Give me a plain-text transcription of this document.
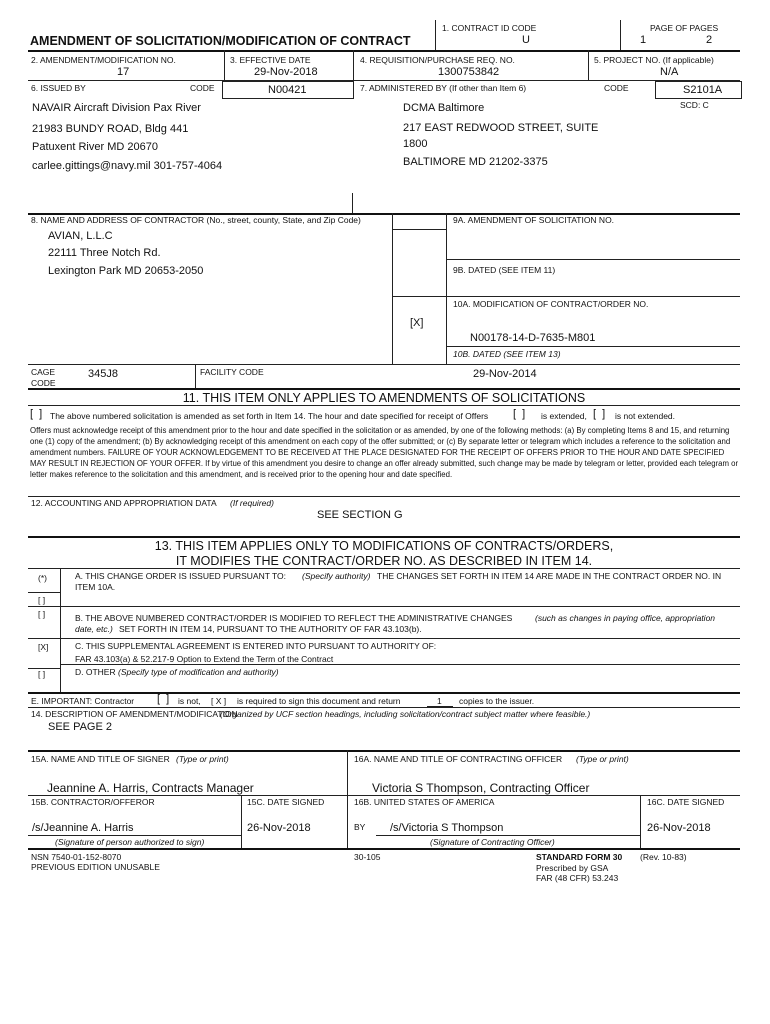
AMENDMENT OF SOLICITATION/MODIFICATION OF CONTRACT
1. CONTRACT ID CODE
U
PAGE OF PAGES
1	2
2. AMENDMENT/MODIFICATION NO.
17
3. EFFECTIVE DATE
29-Nov-2018
4. REQUISITION/PURCHASE REQ. NO.
1300753842
5. PROJECT NO. (If applicable)
N/A
6. ISSUED BY	CODE	N00421	7. ADMINISTERED BY (If other than Item 6)	CODE	S2101A
SCD: C
NAVAIR Aircraft Division Pax River
21983 BUNDY ROAD, Bldg 441
Patuxent River MD 20670
carlee.gittings@navy.mil 301-757-4064
DCMA Baltimore
217 EAST REDWOOD STREET, SUITE
1800
BALTIMORE MD 21202-3375
8. NAME AND ADDRESS OF CONTRACTOR (No., street, county, State, and Zip Code)
AVIAN, L.L.C
22111 Three Notch Rd.
Lexington Park MD 20653-2050
9A. AMENDMENT OF SOLICITATION NO.
9B. DATED (SEE ITEM 11)
10A. MODIFICATION OF CONTRACT/ORDER NO.
[X]
N00178-14-D-7635-M801
10B. DATED (SEE ITEM 13)
CAGE
CODE
345J8	FACILITY CODE	29-Nov-2014
11. THIS ITEM ONLY APPLIES TO AMENDMENTS OF SOLICITATIONS
[  ] The above numbered solicitation is amended as set forth in Item 14. The hour and date specified for receipt of Offers [  ] is extended, [  ] is not extended.
Offers must acknowledge receipt of this amendment prior to the hour and date specified in the solicitation or as amended, by one of the following methods: (a) By completing Items 8 and 15, and returning one (1) copy of the amendment; (b) By acknowledging receipt of this amendment on each copy of the offer submitted; or (c) By separate letter or telegram which includes a reference to the solicitation and amendment numbers. FAILURE OF YOUR ACKNOWLEDGEMENT TO BE RECEIVED AT THE PLACE DESIGNATED FOR THE RECEIPT OF OFFERS PRIOR TO THE HOUR AND DATE SPECIFIED MAY RESULT IN REJECTION OF YOUR OFFER. If by virtue of this amendment you desire to change an offer already submitted, such change may be made by telegram or letter, provided each telegram or letter makes reference to the solicitation and this amendment, and is received prior to the opening hour and date specified.
12. ACCOUNTING AND APPROPRIATION DATA (If required)
SEE SECTION G
13. THIS ITEM APPLIES ONLY TO MODIFICATIONS OF CONTRACTS/ORDERS,
IT MODIFIES THE CONTRACT/ORDER NO. AS DESCRIBED IN ITEM 14.
(*)	A. THIS CHANGE ORDER IS ISSUED PURSUANT TO: (Specify authority) THE CHANGES SET FORTH IN ITEM 14 ARE MADE IN THE CONTRACT ORDER NO. IN
ITEM 10A.
[ ]
[ ]	B. THE ABOVE NUMBERED CONTRACT/ORDER IS MODIFIED TO REFLECT THE ADMINISTRATIVE CHANGES	(such as changes in paying office, appropriation
date, etc.) SET FORTH IN ITEM 14, PURSUANT TO THE AUTHORITY OF FAR 43.103(b).
[X]	C. THIS SUPPLEMENTAL AGREEMENT IS ENTERED INTO PURSUANT TO AUTHORITY OF:
FAR 43.103(a) & 52.217-9 Option to Extend the Term of the Contract
[ ]	D. OTHER (Specify type of modification and authority)
E. IMPORTANT: Contractor [  ] is not, [ X ] is required to sign this document and return	1 copies to the issuer.
14. DESCRIPTION OF AMENDMENT/MODIFICATION
(Organized by UCF section headings, including solicitation/contract subject matter where feasible.)
SEE PAGE 2
15A. NAME AND TITLE OF SIGNER (Type or print)	16A. NAME AND TITLE OF CONTRACTING OFFICER (Type or print)
Jeannine A. Harris, Contracts Manager	Victoria S Thompson, Contracting Officer
15B. CONTRACTOR/OFFEROR	15C. DATE SIGNED	16B. UNITED STATES OF AMERICA	16C. DATE SIGNED
/s/Jeannine A. Harris	26-Nov-2018	BY /s/Victoria S Thompson	26-Nov-2018
(Signature of person authorized to sign)	(Signature of Contracting Officer)
NSN 7540-01-152-8070
PREVIOUS EDITION UNUSABLE
30-105	STANDARD FORM 30 (Rev. 10-83)
Prescribed by GSA
FAR (48 CFR) 53.243
